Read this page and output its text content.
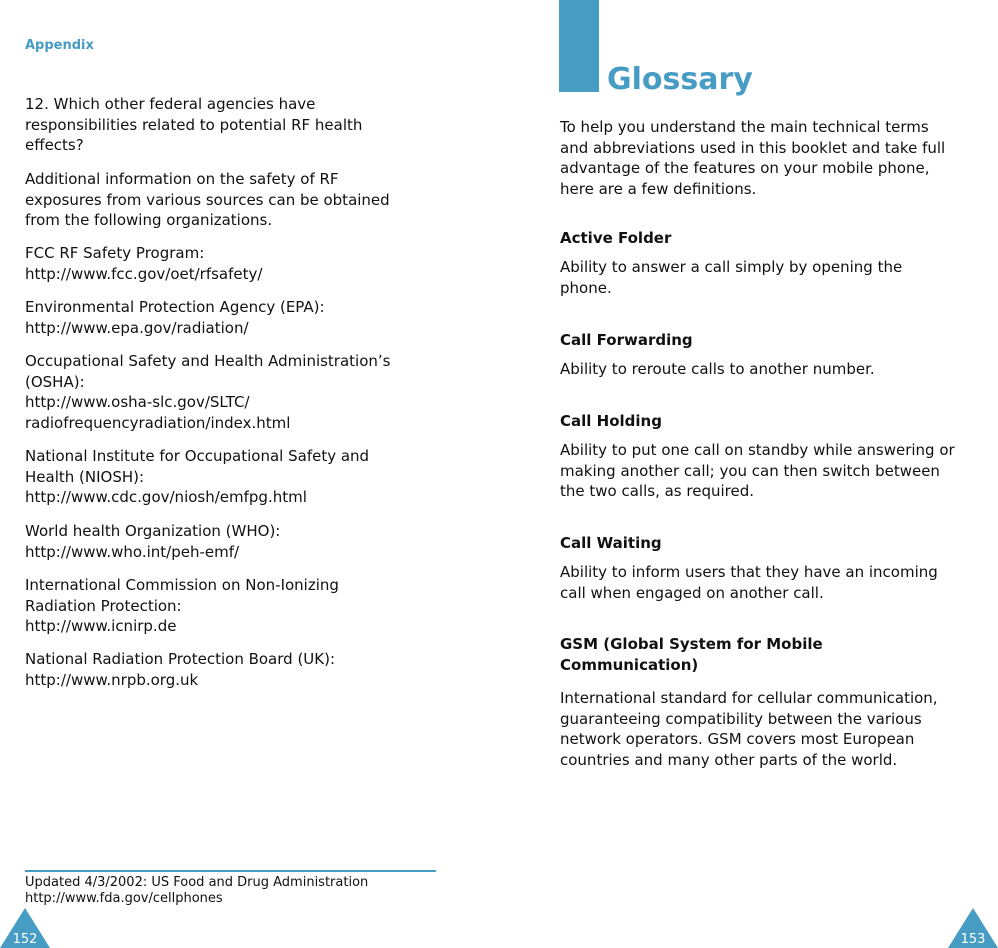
Appendix
12. Which other federal agencies have
responsibilities related to potential RF health
effects?
Additional information on the safety of RF
exposures from various sources can be obtained
from the following organizations.
FCC RF Safety Program:
http://www.fcc.gov/oet/rfsafety/
Environmental Protection Agency (EPA):
http://www.epa.gov/radiation/
Occupational Safety and Health Administration’s
(OSHA):
http://www.osha-slc.gov/SLTC/
radiofrequencyradiation/index.html
National Institute for Occupational Safety and
Health (NIOSH):
http://www.cdc.gov/niosh/emfpg.html
World health Organization (WHO):
http://www.who.int/peh-emf/
International Commission on Non-Ionizing
Radiation Protection:
http://www.icnirp.de
National Radiation Protection Board (UK):
http://www.nrpb.org.uk
Glossary
To help you understand the main technical terms
and abbreviations used in this booklet and take full
advantage of the features on your mobile phone,
here are a few definitions.
Active Folder
Ability to answer a call simply by opening the
phone.
Call Forwarding
Ability to reroute calls to another number.
Call Holding
Ability to put one call on standby while answering or
making another call; you can then switch between
the two calls, as required.
Call Waiting
Ability to inform users that they have an incoming
call when engaged on another call.
GSM (Global System for Mobile
Communication)
International standard for cellular communication,
guaranteeing compatibility between the various
network operators. GSM covers most European
countries and many other parts of the world.
Updated 4/3/2002: US Food and Drug Administration
http://www.fda.gov/cellphones
152	153
